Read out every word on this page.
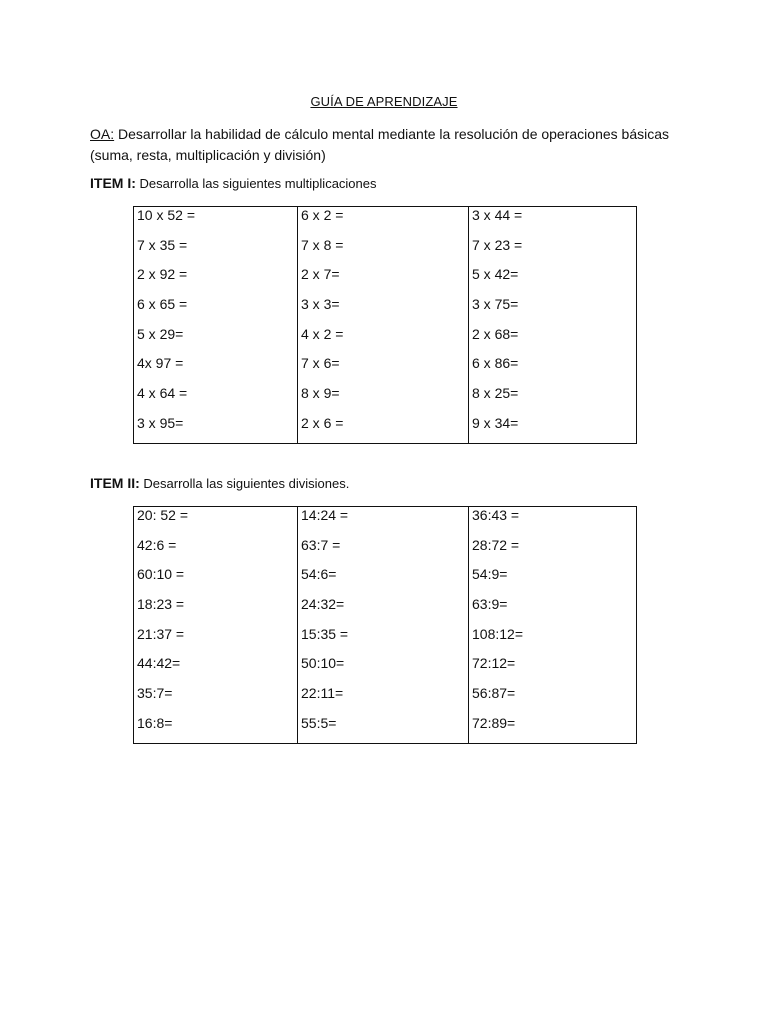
GUÍA DE APRENDIZAJE
OA: Desarrollar la habilidad de cálculo mental mediante la resolución de operaciones básicas (suma, resta, multiplicación y división)
ITEM I: Desarrolla las siguientes multiplicaciones
10 x 52 =	6 x 2 =	3 x 44 =
7 x 35 =	7 x 8 =	7 x 23 =
2 x 92 =	2 x 7=	5 x 42=
6 x 65 =	3 x 3=	3 x 75=
5 x 29=	4 x 2 =	2 x 68=
4x 97 =	7 x 6=	6 x 86=
4 x 64 =	8 x 9=	8 x 25=
3 x 95=	2 x 6 =	9 x 34=
ITEM II: Desarrolla las siguientes divisiones.
20: 52 =	14:24 =	36:43 =
42:6 =	63:7 =	28:72 =
60:10 =	54:6=	54:9=
18:23 =	24:32=	63:9=
21:37 =	15:35 =	108:12=
44:42=	50:10=	72:12=
35:7=	22:11=	56:87=
16:8=	55:5=	72:89=
